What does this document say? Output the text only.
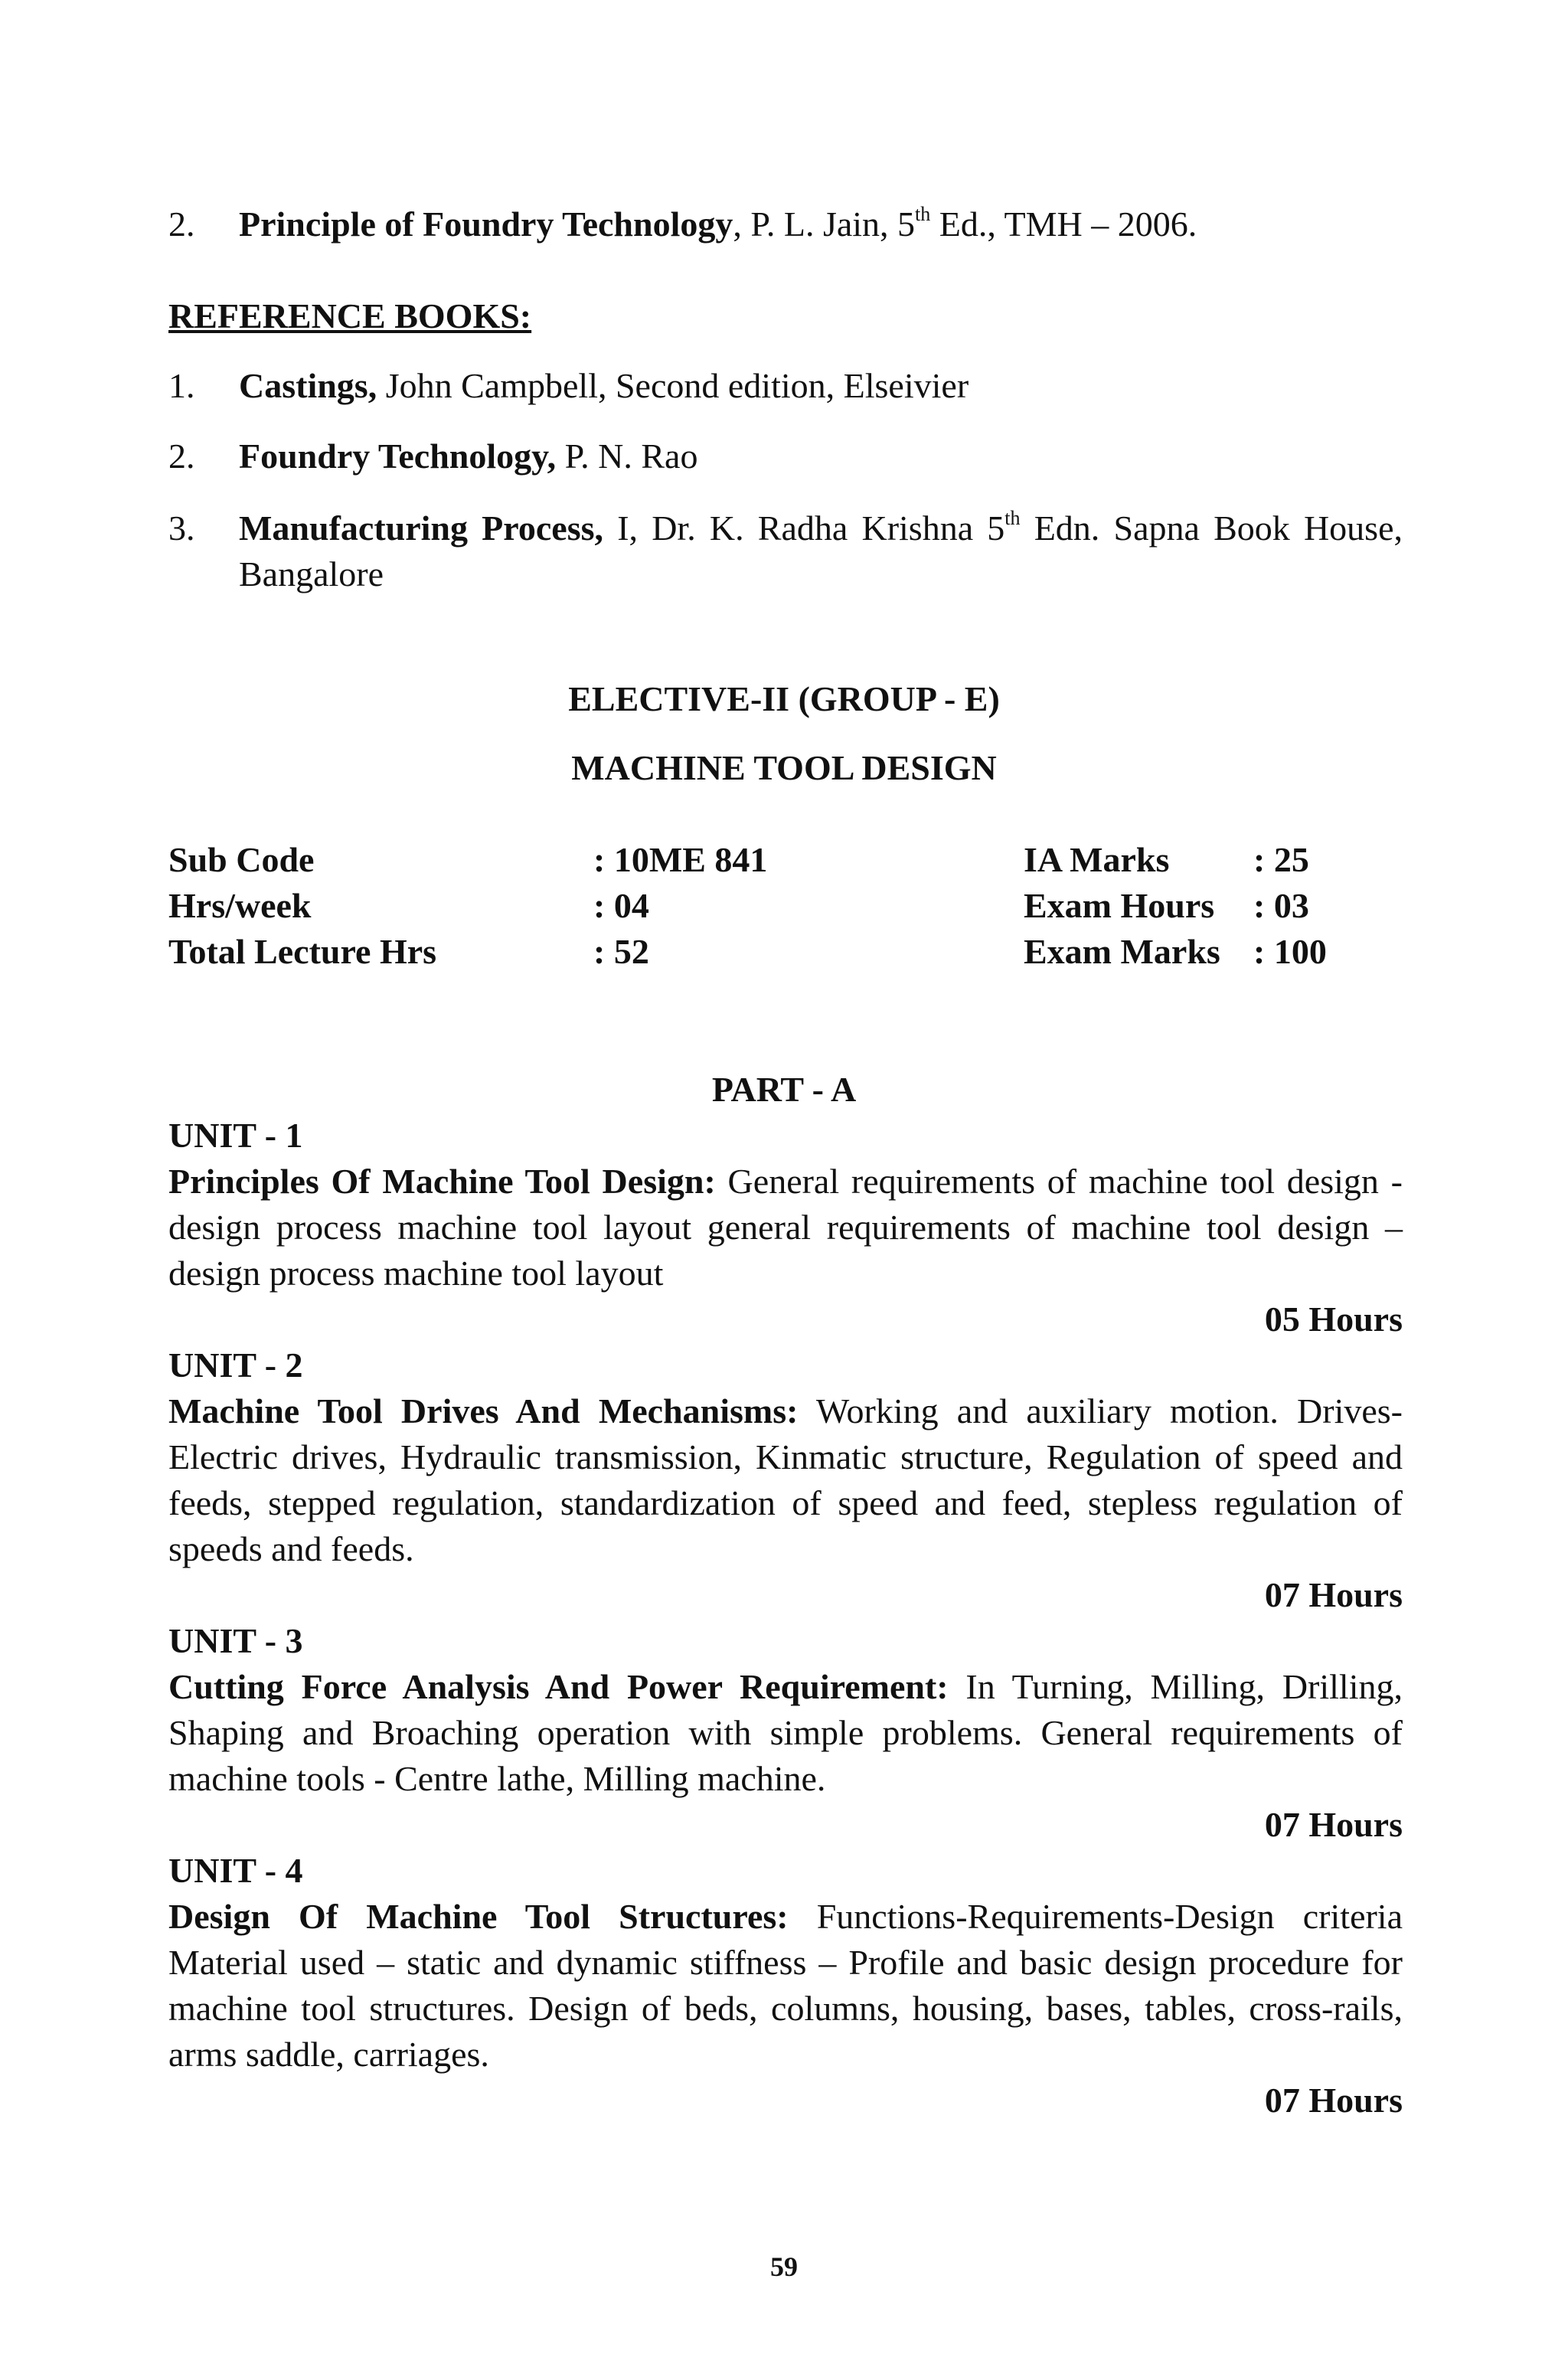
2.	Principle of Foundry Technology, P. L. Jain, 5th Ed., TMH – 2006.
REFERENCE BOOKS:
1.	Castings, John Campbell, Second edition, Elseivier
2.	Foundry Technology, P. N. Rao
3.	Manufacturing Process, I, Dr. K. Radha Krishna 5th Edn. Sapna Book House, Bangalore
ELECTIVE-II (GROUP - E)
MACHINE TOOL DESIGN
Sub Code	: 10ME 841	IA Marks : 25
Hrs/week	: 04	Exam Hours : 03
Total Lecture Hrs	: 52	Exam Marks : 100
PART - A
UNIT - 1
Principles Of Machine Tool Design: General requirements of machine tool design - design process machine tool layout general requirements of machine tool design – design process machine tool layout
05 Hours
UNIT - 2
Machine Tool Drives And Mechanisms: Working and auxiliary motion. Drives- Electric drives, Hydraulic transmission, Kinmatic structure, Regulation of speed and feeds, stepped regulation, standardization of speed and feed, stepless regulation of speeds and feeds.
07 Hours
UNIT - 3
Cutting Force Analysis And Power Requirement: In Turning, Milling, Drilling, Shaping and Broaching operation with simple problems. General requirements of machine tools - Centre lathe, Milling machine.
07 Hours
UNIT - 4
Design Of Machine Tool Structures: Functions-Requirements-Design criteria Material used – static and dynamic stiffness – Profile and basic design procedure for machine tool structures. Design of beds, columns, housing, bases, tables, cross-rails, arms saddle, carriages.
07 Hours
59
